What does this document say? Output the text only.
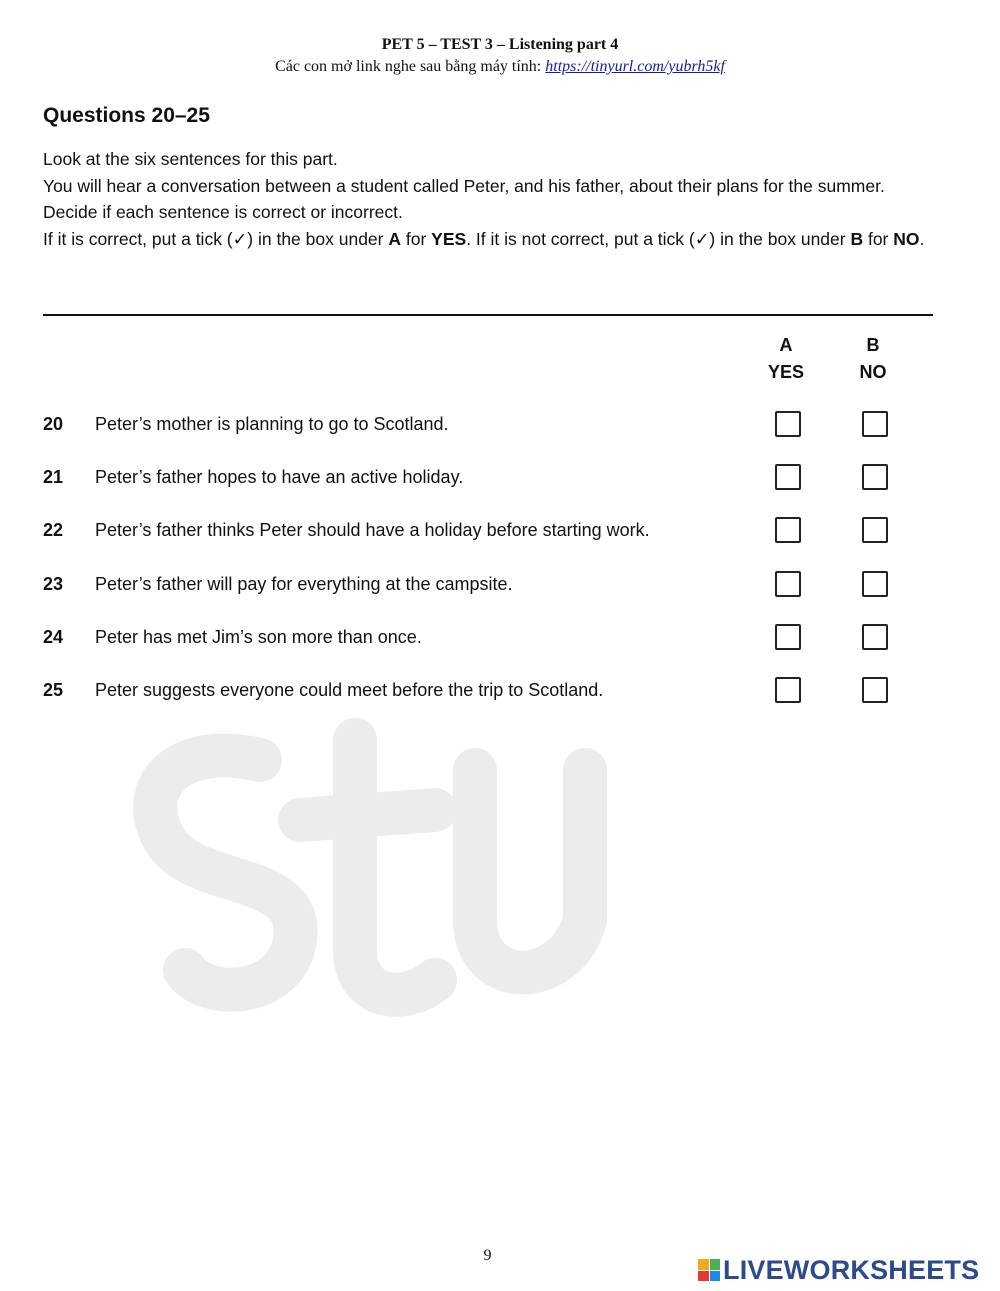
PET 5 – TEST 3 – Listening part 4
Các con mở link nghe sau bằng máy tính: https://tinyurl.com/yubrh5kf
Questions 20–25

Look at the six sentences for this part.

You will hear a conversation between a student called Peter, and his father, about their plans for the summer.

Decide if each sentence is correct or incorrect.

If it is correct, put a tick (✓) in the box under A for YES. If it is not correct, put a tick (✓) in the box under B for NO.

A
YES
B
NO
20 Peter’s mother is planning to go to Scotland.
21 Peter’s father hopes to have an active holiday.
22 Peter’s father thinks Peter should have a holiday before starting work.
23 Peter’s father will pay for everything at the campsite.
24 Peter has met Jim’s son more than once.
25 Peter suggests everyone could meet before the trip to Scotland.
9	LIVEWORKSHEETS
